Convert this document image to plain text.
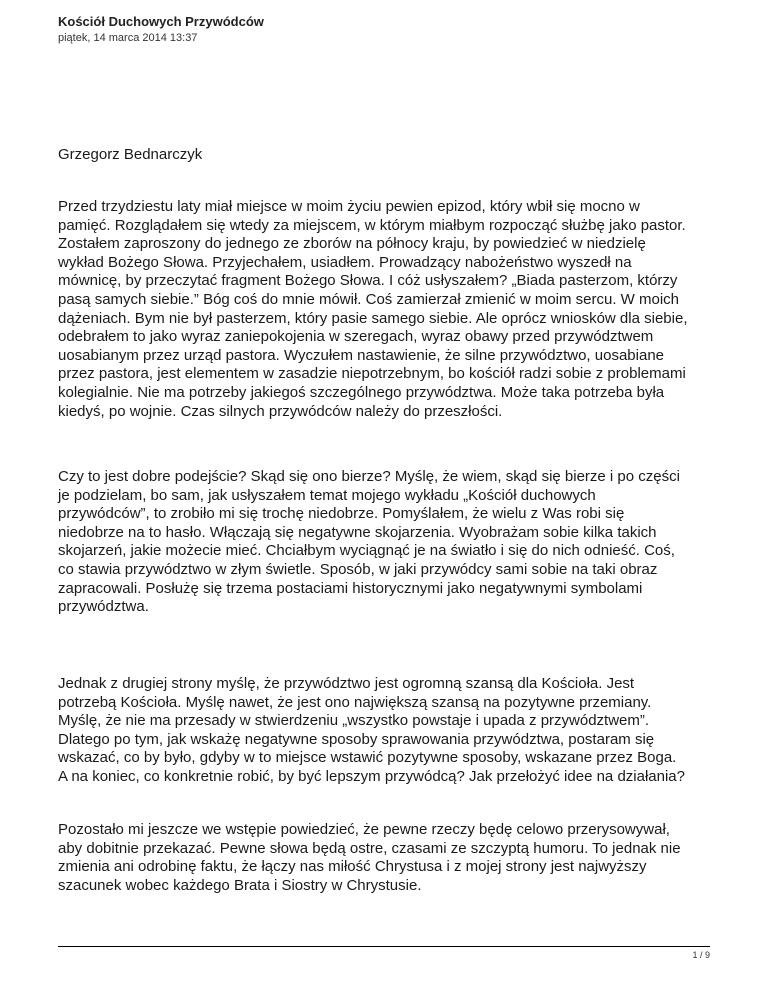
Kościół Duchowych Przywódców
piątek, 14 marca 2014 13:37

Grzegorz Bednarczyk

Przed trzydziestu laty miał miejsce w moim życiu pewien epizod, który wbił się mocno w
pamięć. Rozglądałem się wtedy za miejscem, w którym miałbym rozpocząć służbę jako pastor.
Zostałem zaproszony do jednego ze zborów na północy kraju, by powiedzieć w niedzielę
wykład Bożego Słowa. Przyjechałem, usiadłem. Prowadzący nabożeństwo wyszedł na
mównicę, by przeczytać fragment Bożego Słowa. I cóż usłyszałem? „Biada pasterzom, którzy
pasą samych siebie.” Bóg coś do mnie mówił. Coś zamierzał zmienić w moim sercu. W moich
dążeniach. Bym nie był pasterzem, który pasie samego siebie. Ale oprócz wniosków dla siebie,
odebrałem to jako wyraz zaniepokojenia w szeregach, wyraz obawy przed przywództwem
uosabianym przez urząd pastora. Wyczułem nastawienie, że silne przywództwo, uosabiane
przez pastora, jest elementem w zasadzie niepotrzebnym, bo kościół radzi sobie z problemami
kolegialnie. Nie ma potrzeby jakiegoś szczególnego przywództwa. Może taka potrzeba była
kiedyś, po wojnie. Czas silnych przywódców należy do przeszłości.

Czy to jest dobre podejście? Skąd się ono bierze? Myślę, że wiem, skąd się bierze i po części
je podzielam, bo sam, jak usłyszałem temat mojego wykładu „Kościół duchowych
przywódców”, to zrobiło mi się trochę niedobrze. Pomyślałem, że wielu z Was robi się
niedobrze na to hasło. Włączają się negatywne skojarzenia. Wyobrażam sobie kilka takich
skojarzeń, jakie możecie mieć. Chciałbym wyciągnąć je na światło i się do nich odnieść. Coś,
co stawia przywództwo w złym świetle. Sposób, w jaki przywódcy sami sobie na taki obraz
zapracowali. Posłużę się trzema postaciami historycznymi jako negatywnymi symbolami
przywództwa.

Jednak z drugiej strony myślę, że przywództwo jest ogromną szansą dla Kościoła. Jest
potrzebą Kościoła. Myślę nawet, że jest ono największą szansą na pozytywne przemiany.
Myślę, że nie ma przesady w stwierdzeniu „wszystko powstaje i upada z przywództwem”.
Dlatego po tym, jak wskażę negatywne sposoby sprawowania przywództwa, postaram się
wskazać, co by było, gdyby w to miejsce wstawić pozytywne sposoby, wskazane przez Boga.
A na koniec, co konkretnie robić, by być lepszym przywódcą? Jak przełożyć idee na działania?

Pozostało mi jeszcze we wstępie powiedzieć, że pewne rzeczy będę celowo przerysowywał,
aby dobitnie przekazać. Pewne słowa będą ostre, czasami ze szczyptą humoru. To jednak nie
zmienia ani odrobinę faktu, że łączy nas miłość Chrystusa i z mojej strony jest najwyższy
szacunek wobec każdego Brata i Siostry w Chrystusie.

1 / 9
